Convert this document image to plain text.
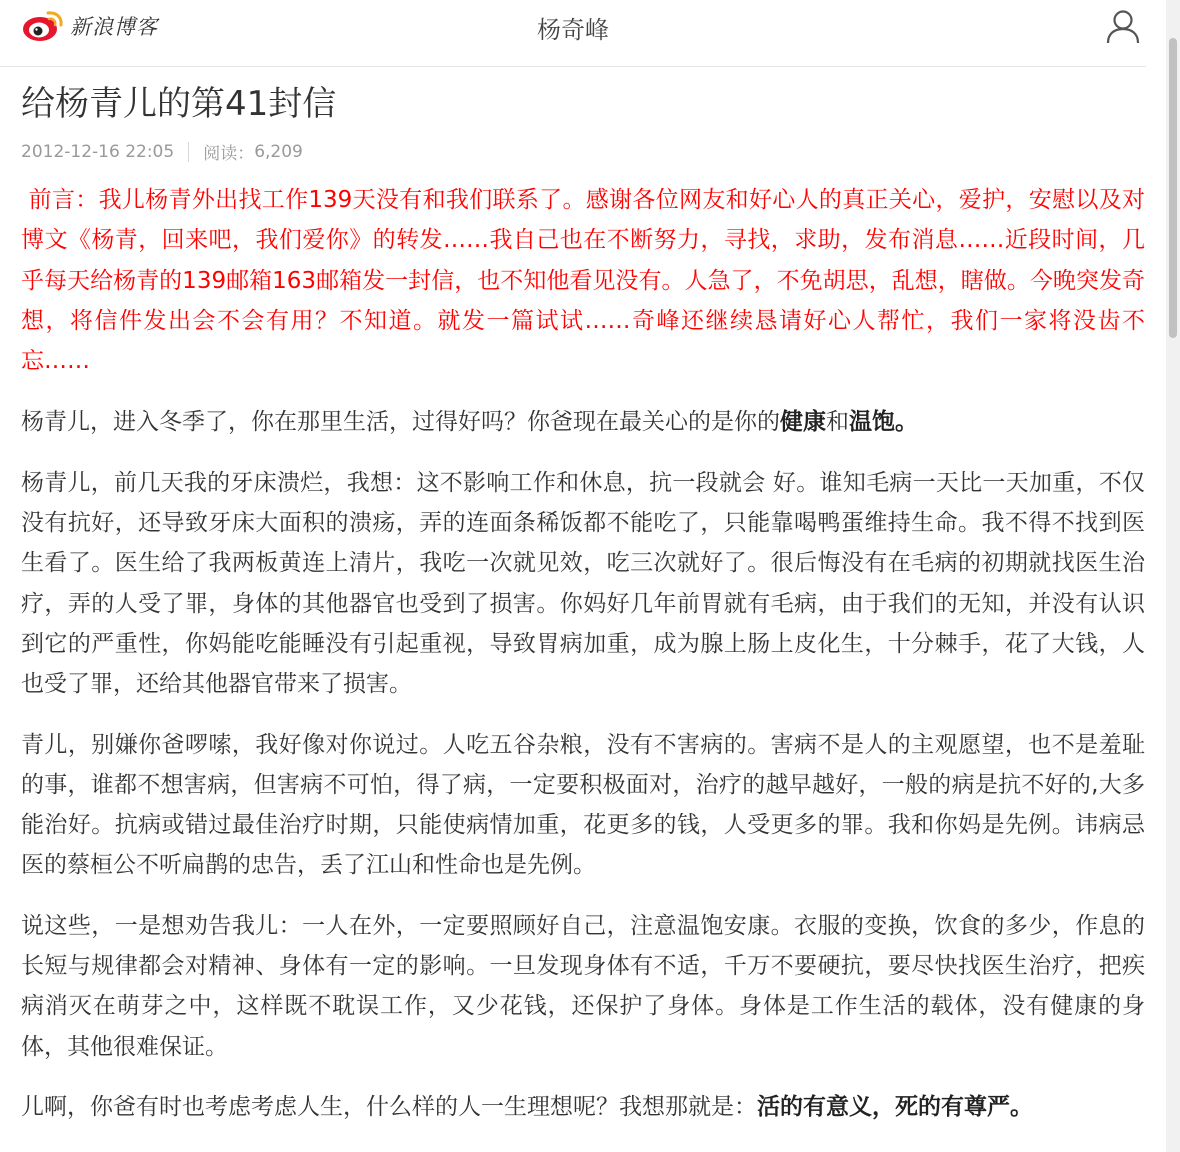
新浪博客	杨奇峰
给杨青儿的第41封信
2012-12-16 22:05 阅读： 6,209

前言：我儿杨青外出找工作139天没有和我们联系了。感谢各位网友和好心人的真正关心，爱护，安慰以及对博文《杨青，回来吧，我们爱你》的转发……我自己也在不断努力，寻找，求助，发布消息……近段时间，几乎每天给杨青的139邮箱163邮箱发一封信，也不知他看见没有。人急了，不免胡思，乱想，瞎做。今晚突发奇想，将信件发出会不会有用？不知道。就发一篇试试……奇峰还继续恳请好心人帮忙，我们一家将没齿不忘……

杨青儿，进入冬季了，你在那里生活，过得好吗？你爸现在最关心的是你的健康和温饱。

杨青儿，前几天我的牙床溃烂，我想：这不影响工作和休息，抗一段就会 好。谁知毛病一天比一天加重，不仅没有抗好，还导致牙床大面积的溃疡，弄的连面条稀饭都不能吃了，只能靠喝鸭蛋维持生命。我不得不找到医生看了。医生给了我两板黄连上清片，我吃一次就见效，吃三次就好了。很后悔没有在毛病的初期就找医生治疗，弄的人受了罪，身体的其他器官也受到了损害。你妈好几年前胃就有毛病，由于我们的无知，并没有认识到它的严重性，你妈能吃能睡没有引起重视，导致胃病加重，成为腺上肠上皮化生，十分棘手，花了大钱，人也受了罪，还给其他器官带来了损害。

青儿，别嫌你爸啰嗦，我好像对你说过。人吃五谷杂粮，没有不害病的。害病不是人的主观愿望，也不是羞耻的事，谁都不想害病，但害病不可怕，得了病，一定要积极面对，治疗的越早越好，一般的病是抗不好的,大多能治好。抗病或错过最佳治疗时期，只能使病情加重，花更多的钱，人受更多的罪。我和你妈是先例。讳病忌医的蔡桓公不听扁鹊的忠告，丢了江山和性命也是先例。

说这些，一是想劝告我儿：一人在外，一定要照顾好自己，注意温饱安康。衣服的变换，饮食的多少，作息的长短与规律都会对精神、身体有一定的影响。一旦发现身体有不适，千万不要硬抗，要尽快找医生治疗，把疾病消灭在萌芽之中，这样既不耽误工作，又少花钱，还保护了身体。身体是工作生活的载体，没有健康的身体，其他很难保证。

儿啊，你爸有时也考虑考虑人生，什么样的人一生理想呢？我想那就是：活的有意义，死的有尊严。
